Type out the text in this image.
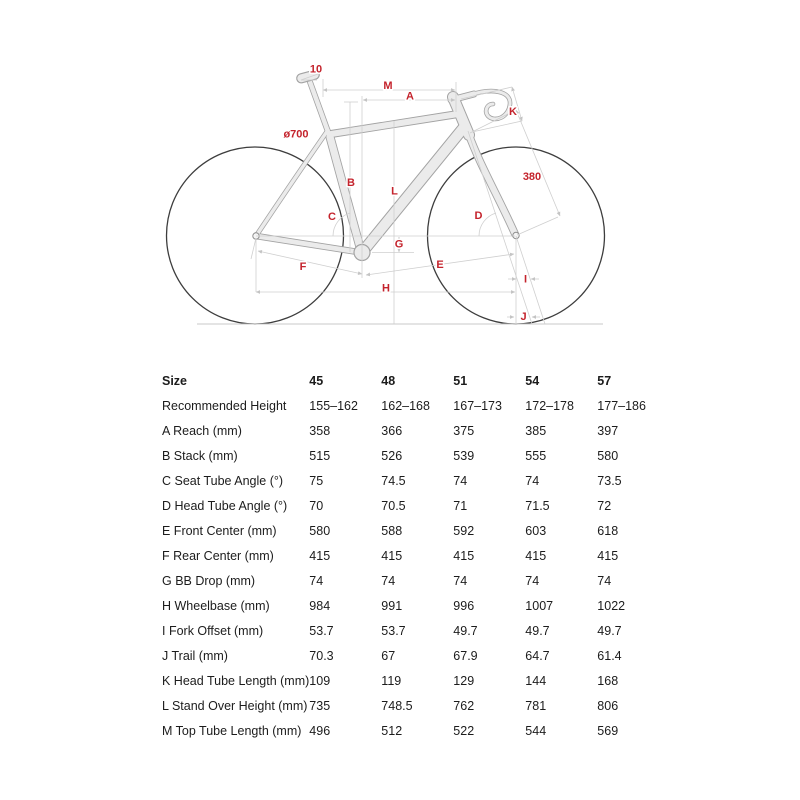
10
ø700
M
A
K
B
L
380
C	D
G
F	E
H
I
J
Size	45	48	51	54	57
Recommended Height	155–162	162–168	167–173	172–178	177–186
A Reach (mm)	358	366	375	385	397
B Stack (mm)	515	526	539	555	580
C Seat Tube Angle (°)	75	74.5	74	74	73.5
D Head Tube Angle (°)	70	70.5	71	71.5	72
E Front Center (mm)	580	588	592	603	618
F Rear Center (mm)	415	415	415	415	415
G BB Drop (mm)	74	74	74	74	74
H Wheelbase (mm)	984	991	996	1007	1022
I Fork Offset (mm)	53.7	53.7	49.7	49.7	49.7
J Trail (mm)	70.3	67	67.9	64.7	61.4
K Head Tube Length (mm)	109	119	129	144	168
L Stand Over Height (mm)	735	748.5	762	781	806
M Top Tube Length (mm)	496	512	522	544	569
